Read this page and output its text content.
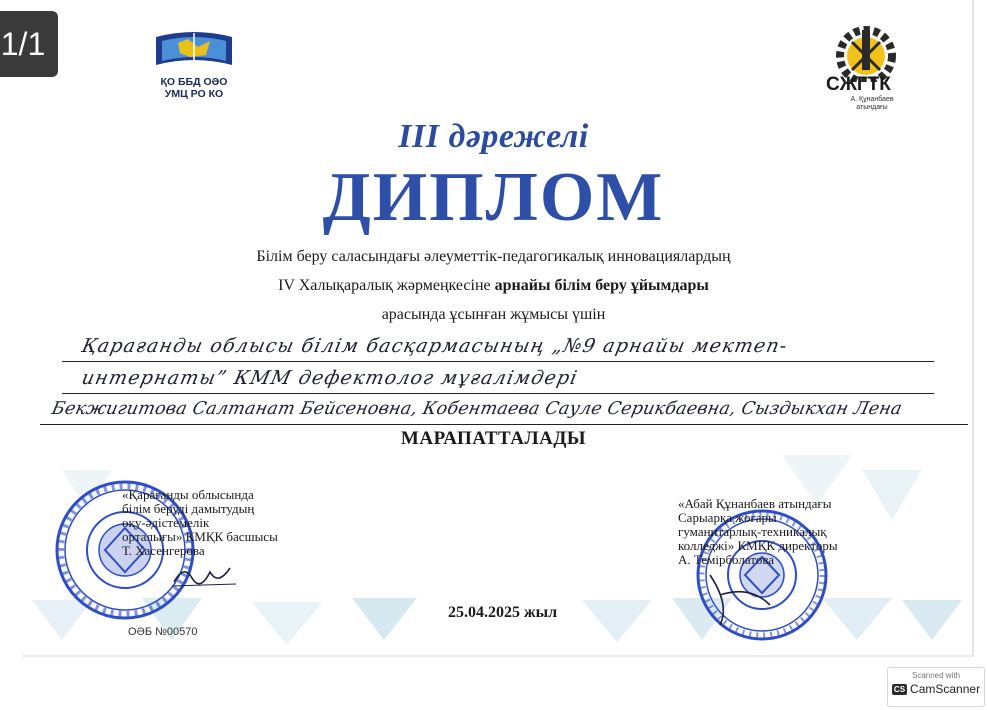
ҚО ББД ОӘО
УМЦ РО КО	СЖГТК
А. Құнанбаев атындағы
1/1
III дәрежелі
ДИПЛОМ
Білім беру саласындағы әлеуметтік-педагогикалық инновациялардың
IV Халықаралық жәрмеңкесіне арнайы білім беру ұйымдары
арасында ұсынған жұмысы үшін
Қарағанды облысы білім басқармасының „№9 арнайы мектеп-
интернаты” КММ дефектолог мұғалімдері
Бекжигитова Салтанат Бейсеновна, Кобентаева Сауле Серикбаевна, Сыздыкхан Лена
МАРАПАТТАЛАДЫ
«Қарағанды облысында
білім беруді дамытудың
оқу-әдістемелік
орталығы» КМҚК басшысы
Т. Хасенгерова
«Абай Құнанбаев атындағы
Сарыарқа жоғары
гуманитарлық-техникалық
колледжі» КМҚК директоры
А. Темірболатова
25.04.2025 жыл
ОӘБ №00570
Scanned with
CS CamScanner
